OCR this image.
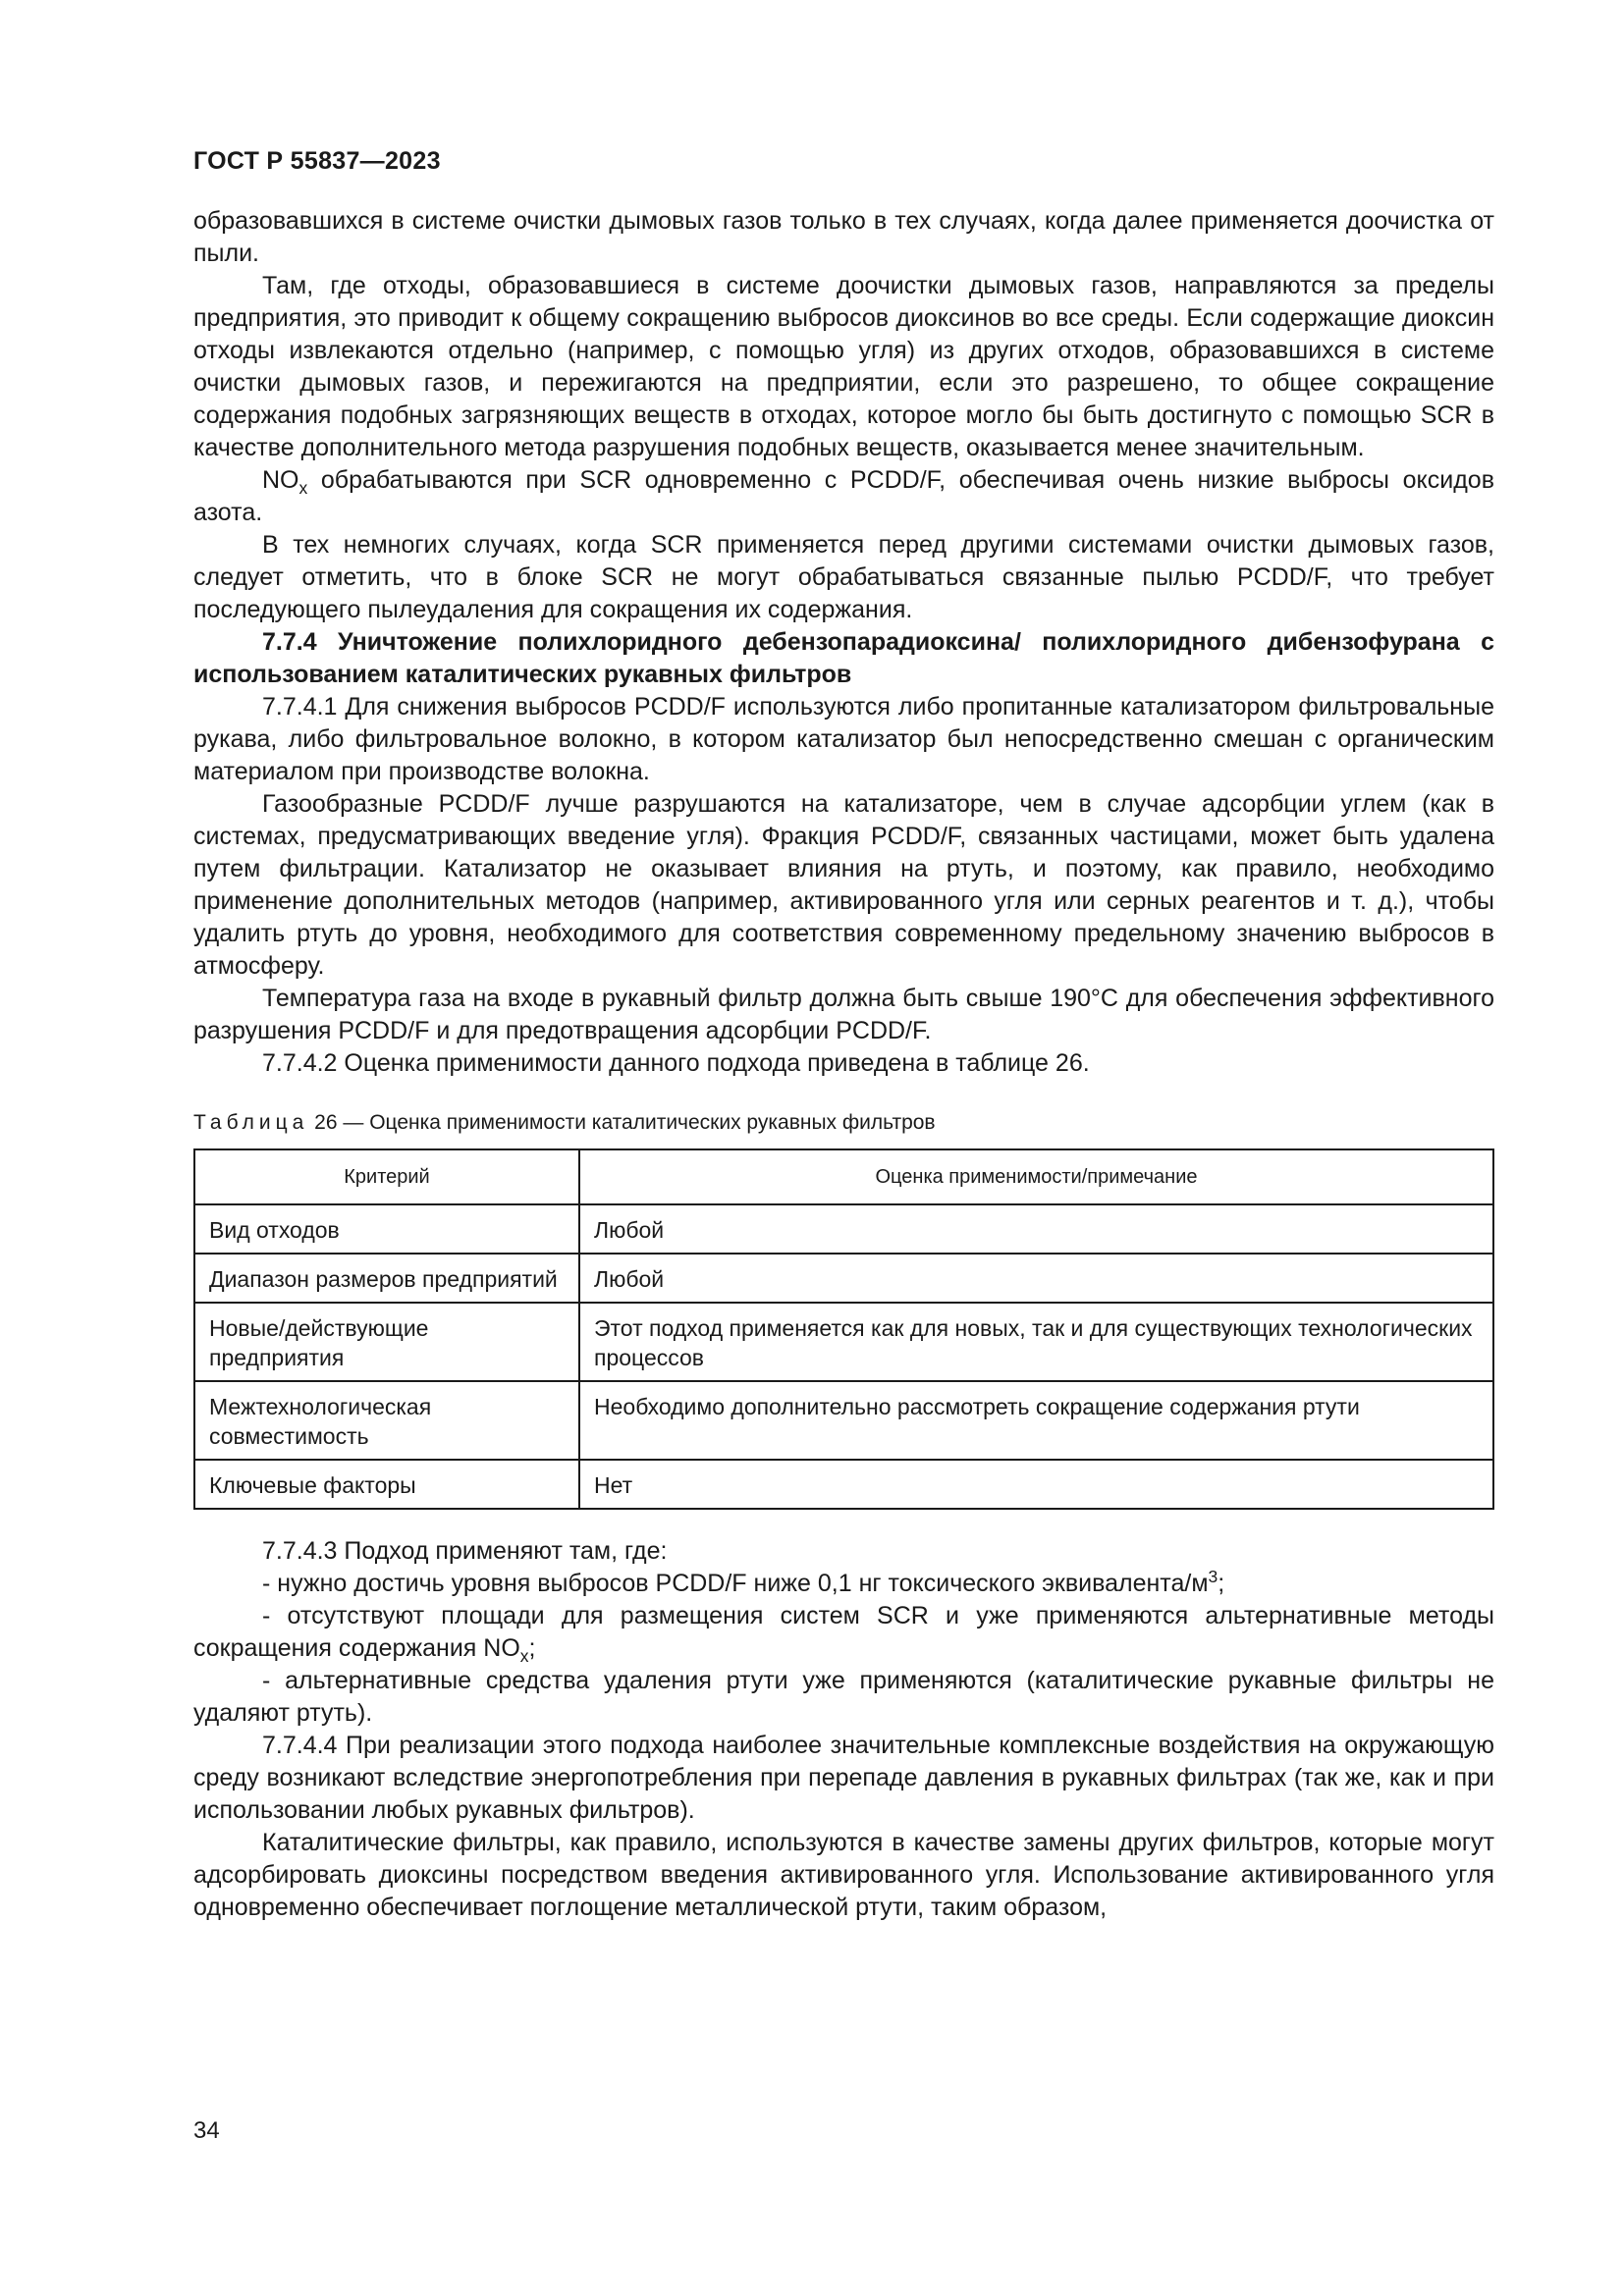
ГОСТ Р 55837—2023

образовавшихся в системе очистки дымовых газов только в тех случаях, когда далее применяется доочистка от пыли.

Там, где отходы, образовавшиеся в системе доочистки дымовых газов, направляются за пределы предприятия, это приводит к общему сокращению выбросов диоксинов во все среды. Если содержащие диоксин отходы извлекаются отдельно (например, с помощью угля) из других отходов, образовавшихся в системе очистки дымовых газов, и пережигаются на предприятии, если это разрешено, то общее сокращение содержания подобных загрязняющих веществ в отходах, которое могло бы быть достигнуто с помощью SCR в качестве дополнительного метода разрушения подобных веществ, оказывается менее значительным.

$NO_x$ обрабатываются при SCR одновременно с PCDD/F, обеспечивая очень низкие выбросы оксидов азота.

В тех немногих случаях, когда SCR применяется перед другими системами очистки дымовых газов, следует отметить, что в блоке SCR не могут обрабатываться связанные пылью PCDD/F, что требует последующего пылеудаления для сокращения их содержания.

7.7.4 Уничтожение полихлоридного дебензопарадиоксина/ полихлоридного дибензофурана с использованием каталитических рукавных фильтров

7.7.4.1 Для снижения выбросов PCDD/F используются либо пропитанные катализатором фильтровальные рукава, либо фильтровальное волокно, в котором катализатор был непосредственно смешан с органическим материалом при производстве волокна.

Газообразные PCDD/F лучше разрушаются на катализаторе, чем в случае адсорбции углем (как в системах, предусматривающих введение угля). Фракция PCDD/F, связанных частицами, может быть удалена путем фильтрации. Катализатор не оказывает влияния на ртуть, и поэтому, как правило, необходимо применение дополнительных методов (например, активированного угля или серных реагентов и т. д.), чтобы удалить ртуть до уровня, необходимого для соответствия современному предельному значению выбросов в атмосферу.

Температура газа на входе в рукавный фильтр должна быть свыше 190°C для обеспечения эффективного разрушения PCDD/F и для предотвращения адсорбции PCDD/F.

7.7.4.2 Оценка применимости данного подхода приведена в таблице 26.

Таблица 26 — Оценка применимости каталитических рукавных фильтров
Критерий	Оценка применимости/примечание
Вид отходов	Любой
Диапазон размеров предприятий	Любой
Новые/действующие предприятия	Этот подход применяется как для новых, так и для существующих технологических процессов
Межтехнологическая совместимость	Необходимо дополнительно рассмотреть сокращение содержания ртути
Ключевые факторы	Нет

7.7.4.3 Подход применяют там, где:

- нужно достичь уровня выбросов PCDD/F ниже 0,1 нг токсического эквивалента/$м^3$;

- отсутствуют площади для размещения систем SCR и уже применяются альтернативные методы сокращения содержания $NO_x$;

- альтернативные средства удаления ртути уже применяются (каталитические рукавные фильтры не удаляют ртуть).

7.7.4.4 При реализации этого подхода наиболее значительные комплексные воздействия на окружающую среду возникают вследствие энергопотребления при перепаде давления в рукавных фильтрах (так же, как и при использовании любых рукавных фильтров).

Каталитические фильтры, как правило, используются в качестве замены других фильтров, которые могут адсорбировать диоксины посредством введения активированного угля. Использование активированного угля одновременно обеспечивает поглощение металлической ртути, таким образом,

34
